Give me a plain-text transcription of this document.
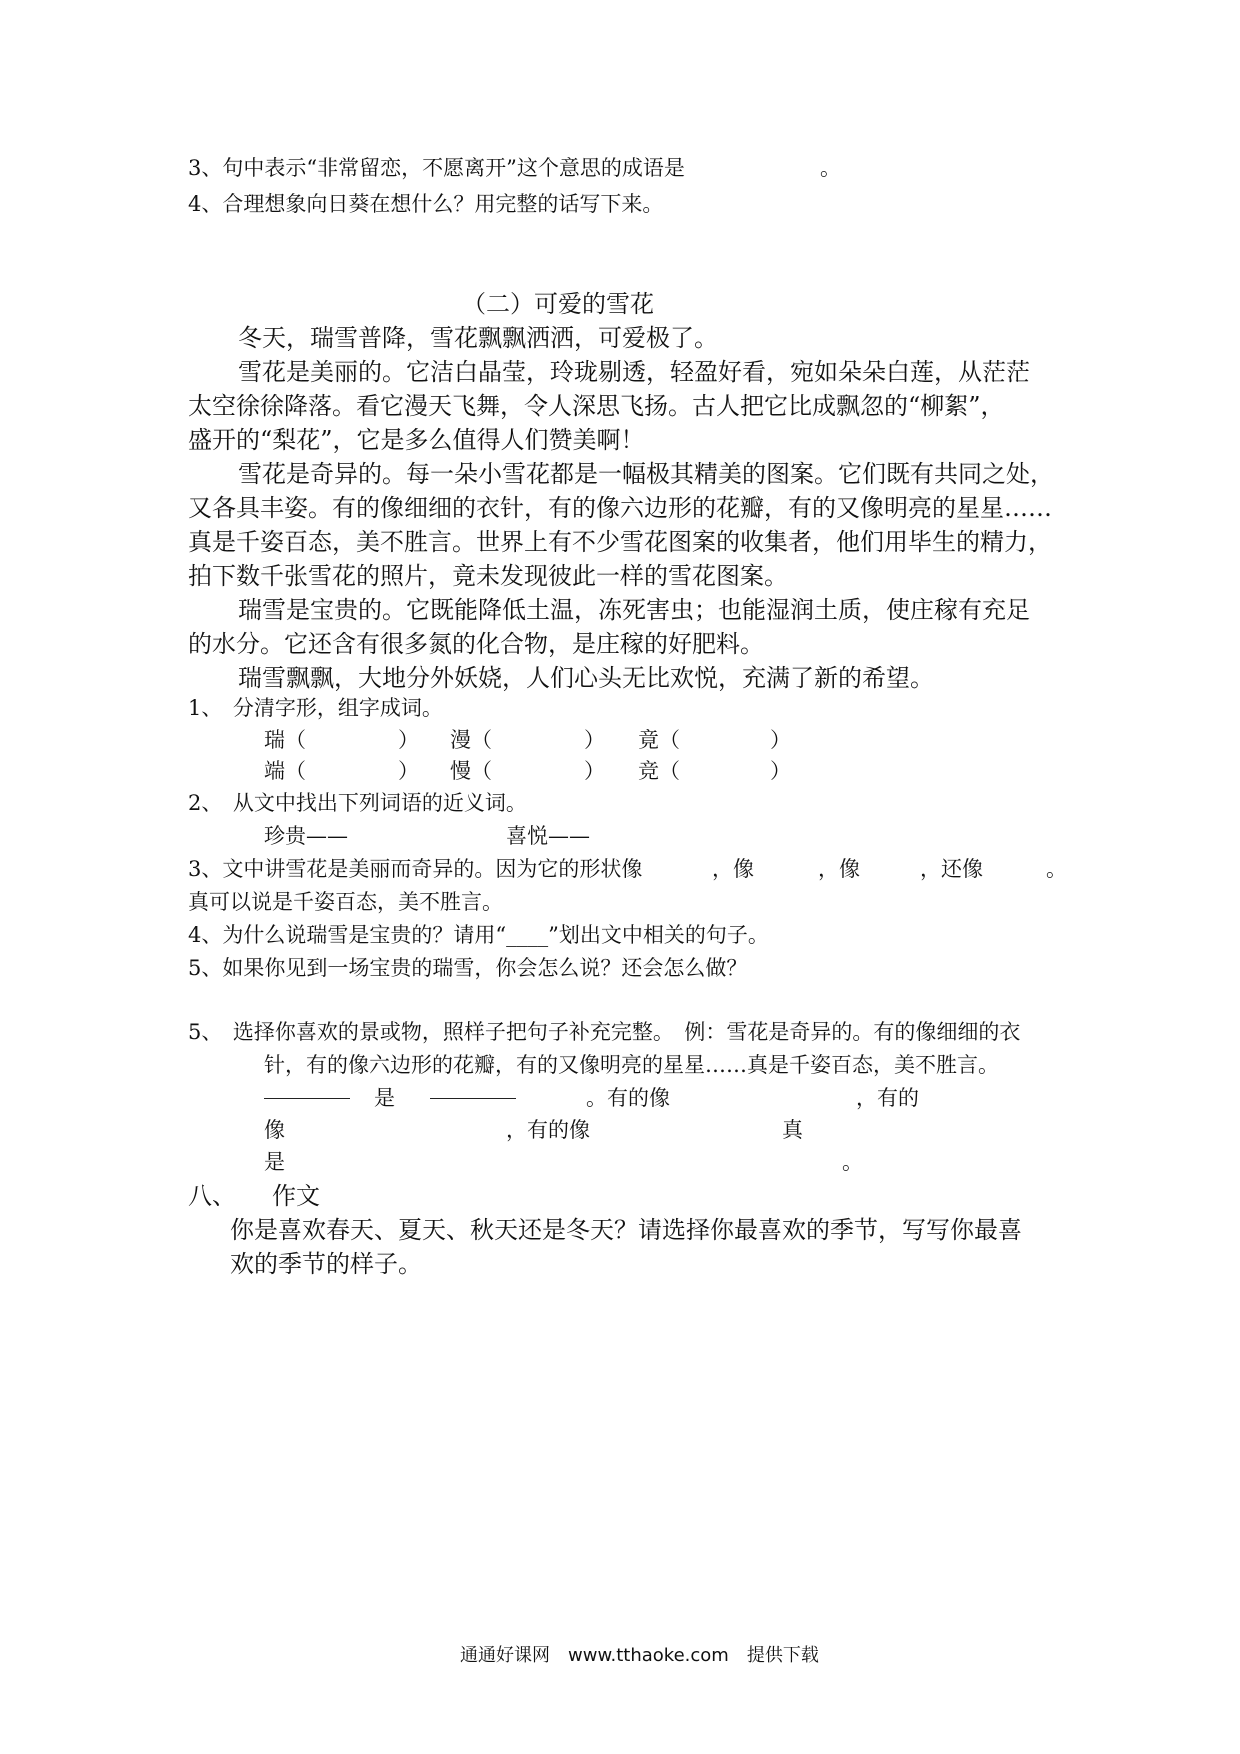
3、句中表示“非常留恋，不愿离开”这个意思的成语是	。
4、合理想象向日葵在想什么？用完整的话写下来。
（二）可爱的雪花
冬天，瑞雪普降，雪花飘飘洒洒，可爱极了。
雪花是美丽的。它洁白晶莹，玲珑剔透，轻盈好看，宛如朵朵白莲，从茫茫
太空徐徐降落。看它漫天飞舞，令人深思飞扬。古人把它比成飘忽的“柳絮”，
盛开的“梨花”，它是多么值得人们赞美啊！
雪花是奇异的。每一朵小雪花都是一幅极其精美的图案。它们既有共同之处，
又各具丰姿。有的像细细的衣针，有的像六边形的花瓣，有的又像明亮的星星……
真是千姿百态，美不胜言。世界上有不少雪花图案的收集者，他们用毕生的精力，
拍下数千张雪花的照片，竟未发现彼此一样的雪花图案。
瑞雪是宝贵的。它既能降低土温，冻死害虫；也能湿润土质，使庄稼有充足
的水分。它还含有很多氮的化合物，是庄稼的好肥料。
瑞雪飘飘，大地分外妖娆，人们心头无比欢悦，充满了新的希望。
1、　分清字形，组字成词。
瑞（	） 漫（	） 竟（	）
端（	） 慢（	） 竞（	）
2、　从文中找出下列词语的近义词。
珍贵——	喜悦——
3、文中讲雪花是美丽而奇异的。因为它的形状像	，像	，像	，还像	。
真可以说是千姿百态，美不胜言。
4、为什么说瑞雪是宝贵的？请用“____”划出文中相关的句子。
5、如果你见到一场宝贵的瑞雪，你会怎么说？还会怎么做？
5、　选择你喜欢的景或物，照样子把句子补充完整。　例：雪花是奇异的。有的像细细的衣
针，有的像六边形的花瓣，有的又像明亮的星星……真是千姿百态，美不胜言。
是	。有的像	，有的
像	，有的像	真
是	。
八、　　作文
你是喜欢春天、夏天、秋天还是冬天？请选择你最喜欢的季节，写写你最喜
欢的季节的样子。
通通好课网　www.tthaoke.com　提供下载
